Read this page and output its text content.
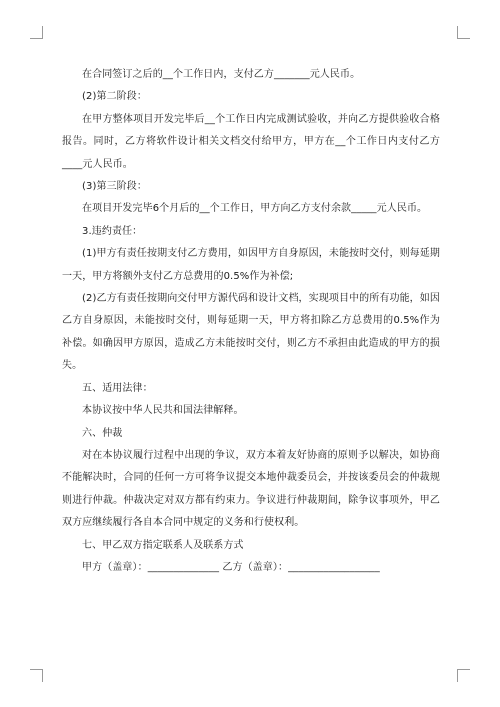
在合同签订之后的__个工作日内，支付乙方_______元人民币。

(2)第二阶段：

在甲方整体项目开发完毕后__个工作日内完成测试验收，并向乙方提供验收合格报告。同时，乙方将软件设计相关文档交付给甲方，甲方在__个工作日内支付乙方____元人民币。

(3)第三阶段：

在项目开发完毕6个月后的__个工作日，甲方向乙方支付余款_____元人民币。

3.违约责任：

(1)甲方有责任按期支付乙方费用，如因甲方自身原因，未能按时交付，则每延期一天，甲方将额外支付乙方总费用的0.5%作为补偿;

(2)乙方有责任按期向交付甲方源代码和设计文档，实现项目中的所有功能，如因乙方自身原因，未能按时交付，则每延期一天，甲方将扣除乙方总费用的0.5%作为补偿。如确因甲方原因，造成乙方未能按时交付，则乙方不承担由此造成的甲方的损失。

五、适用法律：

本协议按中华人民共和国法律解释。

六、仲裁

对在本协议履行过程中出现的争议，双方本着友好协商的原则予以解决，如协商不能解决时，合同的任何一方可将争议提交本地仲裁委员会，并按该委员会的仲裁规则进行仲裁。仲裁决定对双方都有约束力。争议进行仲裁期间，除争议事项外，甲乙双方应继续履行各自本合同中规定的义务和行使权利。

七、甲乙双方指定联系人及联系方式

甲方（盖章）：______________ 乙方（盖章）：__________________
